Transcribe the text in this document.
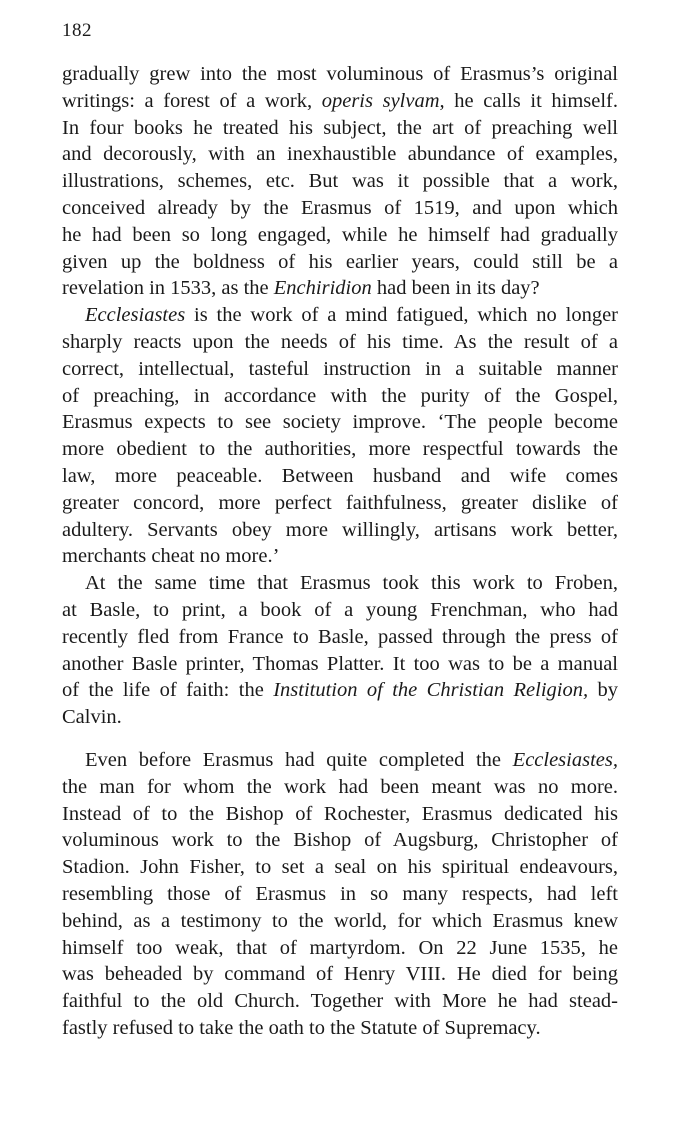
182
gradually grew into the most voluminous of Erasmus’s original
writings: a forest of a work, operis sylvam, he calls it himself.
In four books he treated his subject, the art of preaching well
and decorously, with an inexhaustible abundance of examples,
illustrations, schemes, etc. But was it possible that a work,
conceived already by the Erasmus of 1519, and upon which
he had been so long engaged, while he himself had gradually
given up the boldness of his earlier years, could still be a
revelation in 1533, as the Enchiridion had been in its day?
Ecclesiastes is the work of a mind fatigued, which no longer
sharply reacts upon the needs of his time. As the result of a
correct, intellectual, tasteful instruction in a suitable manner
of preaching, in accordance with the purity of the Gospel,
Erasmus expects to see society improve. ‘The people become
more obedient to the authorities, more respectful towards the
law, more peaceable. Between husband and wife comes
greater concord, more perfect faithfulness, greater dislike of
adultery. Servants obey more willingly, artisans work better,
merchants cheat no more.’
At the same time that Erasmus took this work to Froben,
at Basle, to print, a book of a young Frenchman, who had
recently fled from France to Basle, passed through the press of
another Basle printer, Thomas Platter. It too was to be a manual
of the life of faith: the Institution of the Christian Religion, by
Calvin.
Even before Erasmus had quite completed the Ecclesiastes,
the man for whom the work had been meant was no more.
Instead of to the Bishop of Rochester, Erasmus dedicated his
voluminous work to the Bishop of Augsburg, Christopher of
Stadion. John Fisher, to set a seal on his spiritual endeavours,
resembling those of Erasmus in so many respects, had left
behind, as a testimony to the world, for which Erasmus knew
himself too weak, that of martyrdom. On 22 June 1535, he
was beheaded by command of Henry VIII. He died for being
faithful to the old Church. Together with More he had stead-
fastly refused to take the oath to the Statute of Supremacy.
